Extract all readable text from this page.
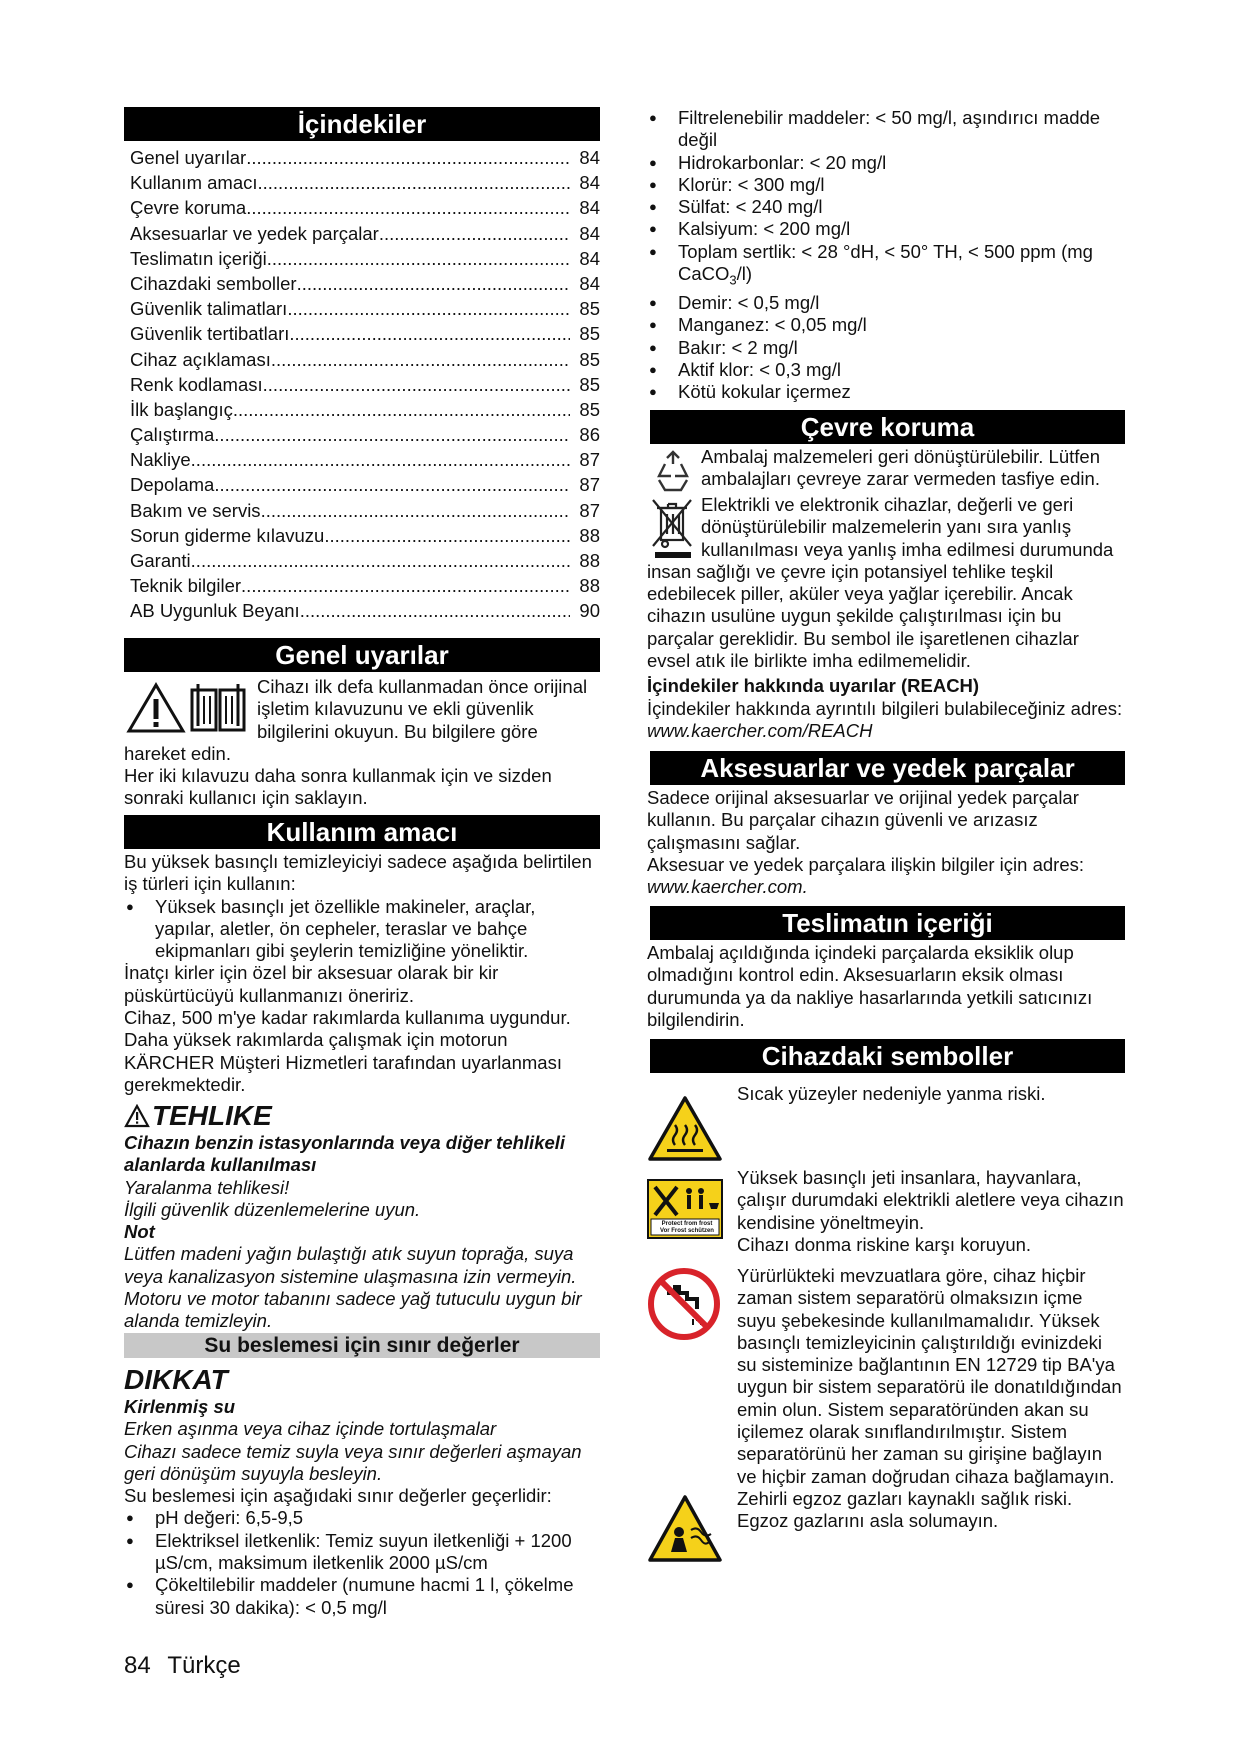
İçindekiler
Genel uyarılar .....	84
Kullanım amacı .....	84
Çevre koruma .....	84
Aksesuarlar ve yedek parçalar .....	84
Teslimatın içeriği .....	84
Cihazdaki semboller .....	84
Güvenlik talimatları .....	85
Güvenlik tertibatları .....	85
Cihaz açıklaması .....	85
Renk kodlaması .....	85
İlk başlangıç .....	85
Çalıştırma .....	86
Nakliye .....	87
Depolama .....	87
Bakım ve servis .....	87
Sorun giderme kılavuzu .....	88
Garanti .....	88
Teknik bilgiler .....	88
AB Uygunluk Beyanı .....	90
Genel uyarılar

Cihazı ilk defa kullanmadan önce orijinal işletim kılavuzunu ve ekli güvenlik bilgilerini okuyun. Bu bilgilere göre hareket edin.

Her iki kılavuzu daha sonra kullanmak için ve sizden sonraki kullanıcı için saklayın.

Kullanım amacı

Bu yüksek basınçlı temizleyiciyi sadece aşağıda belirtilen iş türleri için kullanın:

● Yüksek basınçlı jet özellikle makineler, araçlar, yapılar, aletler, ön cepheler, teraslar ve bahçe ekipmanları gibi şeylerin temizliğine yöneliktir.

İnatçı kirler için özel bir aksesuar olarak bir kir püskürtücüyü kullanmanızı öneririz.

Cihaz, 500 m'ye kadar rakımlarda kullanıma uygundur. Daha yüksek rakımlarda çalışmak için motorun KÄRCHER Müşteri Hizmetleri tarafından uyarlanması gerekmektedir.

TEHLIKE

Cihazın benzin istasyonlarında veya diğer tehlikeli alanlarda kullanılması

Yaralanma tehlikesi!

İlgili güvenlik düzenlemelerine uyun.

Not

Lütfen madeni yağın bulaştığı atık suyun toprağa, suya veya kanalizasyon sistemine ulaşmasına izin vermeyin. Motoru ve motor tabanını sadece yağ tutuculu uygun bir alanda temizleyin.

Su beslemesi için sınır değerler
DIKKAT

Kirlenmiş su

Erken aşınma veya cihaz içinde tortulaşmalar

Cihazı sadece temiz suyla veya sınır değerleri aşmayan geri dönüşüm suyuyla besleyin.

Su beslemesi için aşağıdaki sınır değerler geçerlidir:

● pH değeri: 6,5-9,5
● Elektriksel iletkenlik: Temiz suyun iletkenliği + 1200 µS/cm, maksimum iletkenlik 2000 µS/cm
● Çökeltilebilir maddeler (numune hacmi 1 l, çökelme süresi 30 dakika): < 0,5 mg/l
● Filtrelenebilir maddeler: < 50 mg/l, aşındırıcı madde değil
● Hidrokarbonlar: < 20 mg/l
● Klorür: < 300 mg/l
● Sülfat: < 240 mg/l
● Kalsiyum: < 200 mg/l
● Toplam sertlik: < 28 °dH, < 50° TH, < 500 ppm (mg CaCO$_3$/l)
● Demir: < 0,5 mg/l
● Manganez: < 0,05 mg/l
● Bakır: < 2 mg/l
● Aktif klor: < 0,3 mg/l
● Kötü kokular içermez
Çevre koruma

Ambalaj malzemeleri geri dönüştürülebilir. Lütfen ambalajları çevreye zarar vermeden tasfiye edin.

Elektrikli ve elektronik cihazlar, değerli ve geri dönüştürülebilir malzemelerin yanı sıra yanlış kullanılması veya yanlış imha edilmesi durumunda insan sağlığı ve çevre için potansiyel tehlike teşkil edebilecek piller, aküler veya yağlar içerebilir. Ancak cihazın usulüne uygun şekilde çalıştırılması için bu parçalar gereklidir. Bu sembol ile işaretlenen cihazlar evsel atık ile birlikte imha edilmemelidir.

İçindekiler hakkında uyarılar (REACH)

İçindekiler hakkında ayrıntılı bilgileri bulabileceğiniz adres: www.kaercher.com/REACH

Aksesuarlar ve yedek parçalar

Sadece orijinal aksesuarlar ve orijinal yedek parçalar kullanın. Bu parçalar cihazın güvenli ve arızasız çalışmasını sağlar.

Aksesuar ve yedek parçalara ilişkin bilgiler için adres:

www.kaercher.com.

Teslimatın içeriği

Ambalaj açıldığında içindeki parçalarda eksiklik olup olmadığını kontrol edin. Aksesuarların eksik olması durumunda ya da nakliye hasarlarında yetkili satıcınızı bilgilendirin.

Cihazdaki semboller

Sıcak yüzeyler nedeniyle yanma riski.

Protect from frost
Vor Frost schützen

Yüksek basınçlı jeti insanlara, hayvanlara, çalışır durumdaki elektrikli aletlere veya cihazın kendisine yöneltmeyin.

Cihazı donma riskine karşı koruyun.

Yürürlükteki mevzuatlara göre, cihaz hiçbir zaman sistem separatörü olmaksızın içme suyu şebekesinde kullanılmamalıdır. Yüksek basınçlı temizleyicinin çalıştırıldığı evinizdeki su sisteminize bağlantının EN 12729 tip BA'ya uygun bir sistem separatörü ile donatıldığından emin olun. Sistem separatöründen akan su içilemez olarak sınıflandırılmıştır. Sistem separatörünü her zaman su girişine bağlayın ve hiçbir zaman doğrudan cihaza bağlamayın.

Zehirli egzoz gazları kaynaklı sağlık riski.

Egzoz gazlarını asla solumayın.

84 Türkçe
